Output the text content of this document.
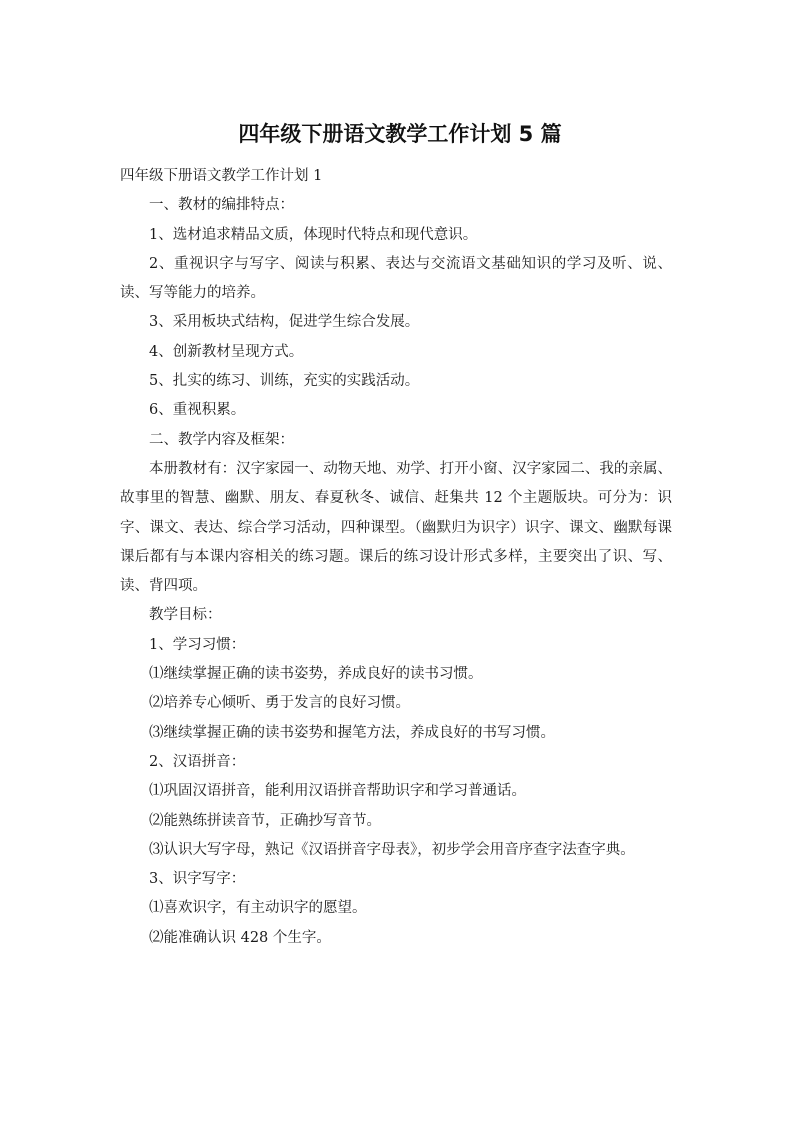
四年级下册语文教学工作计划 5 篇

四年级下册语文教学工作计划 1

一、教材的编排特点：

1、选材追求精品文质，体现时代特点和现代意识。

2、重视识字与写字、阅读与积累、表达与交流语文基础知识的学习及听、说、读、写等能力的培养。

3、采用板块式结构，促进学生综合发展。

4、创新教材呈现方式。

5、扎实的练习、训练，充实的实践活动。

6、重视积累。

二、教学内容及框架：

本册教材有：汉字家园一、动物天地、劝学、打开小窗、汉字家园二、我的亲属、故事里的智慧、幽默、朋友、春夏秋冬、诚信、赶集共 12 个主题版块。可分为：识字、课文、表达、综合学习活动，四种课型。（幽默归为识字）识字、课文、幽默每课课后都有与本课内容相关的练习题。课后的练习设计形式多样，主要突出了识、写、读、背四项。

教学目标：

1、学习习惯：

⑴继续掌握正确的读书姿势，养成良好的读书习惯。

⑵培养专心倾听、勇于发言的良好习惯。

⑶继续掌握正确的读书姿势和握笔方法，养成良好的书写习惯。

2、汉语拼音：

⑴巩固汉语拼音，能利用汉语拼音帮助识字和学习普通话。

⑵能熟练拼读音节，正确抄写音节。

⑶认识大写字母，熟记《汉语拼音字母表》，初步学会用音序查字法查字典。

3、识字写字：

⑴喜欢识字，有主动识字的愿望。

⑵能准确认识 428 个生字。
